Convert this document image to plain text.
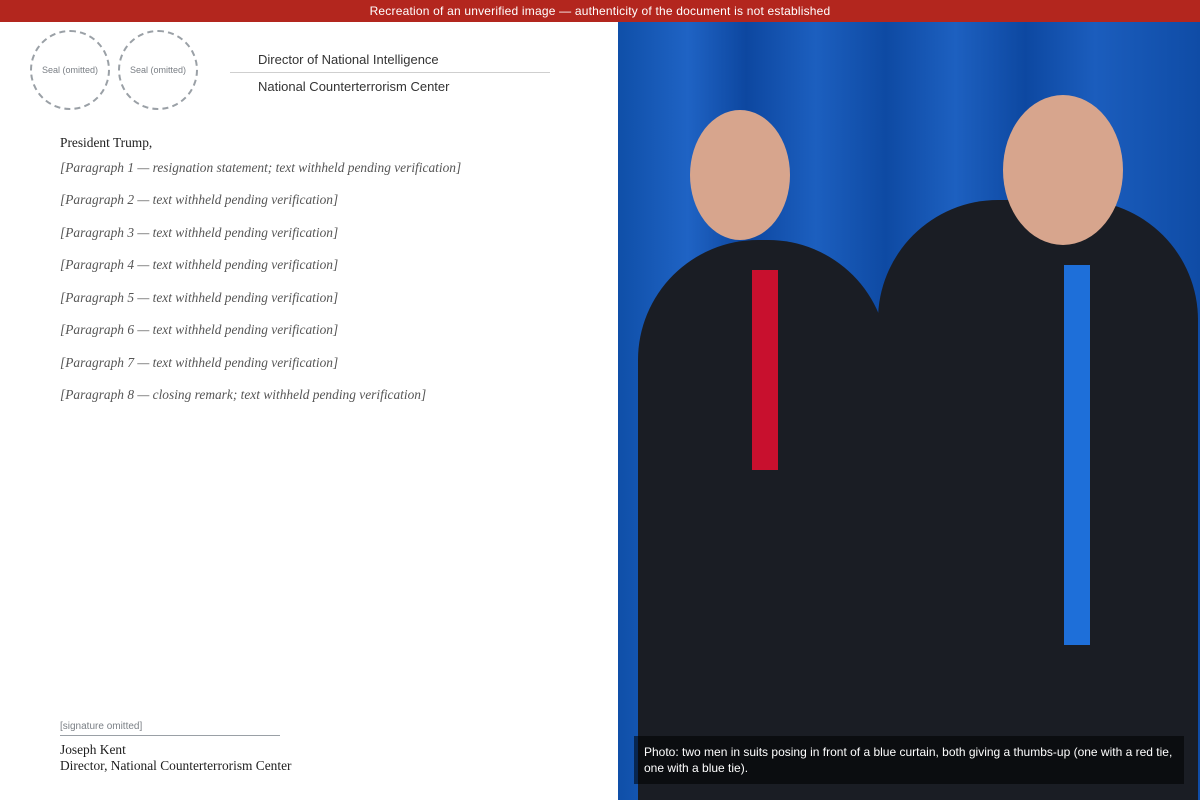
Recreation of an unverified image — authenticity of the document is not established
Seal (omitted)	Seal (omitted)
Director of National Intelligence
National Counterterrorism Center

President Trump,

[Paragraph 1 — resignation statement; text withheld pending verification]

[Paragraph 2 — text withheld pending verification]

[Paragraph 3 — text withheld pending verification]

[Paragraph 4 — text withheld pending verification]

[Paragraph 5 — text withheld pending verification]

[Paragraph 6 — text withheld pending verification]

[Paragraph 7 — text withheld pending verification]

[Paragraph 8 — closing remark; text withheld pending verification]

[signature omitted]
Joseph Kent
Director, National Counterterrorism Center
Photo: two men in suits posing in front of a blue curtain, both giving a thumbs-up (one with a red tie, one with a blue tie).
